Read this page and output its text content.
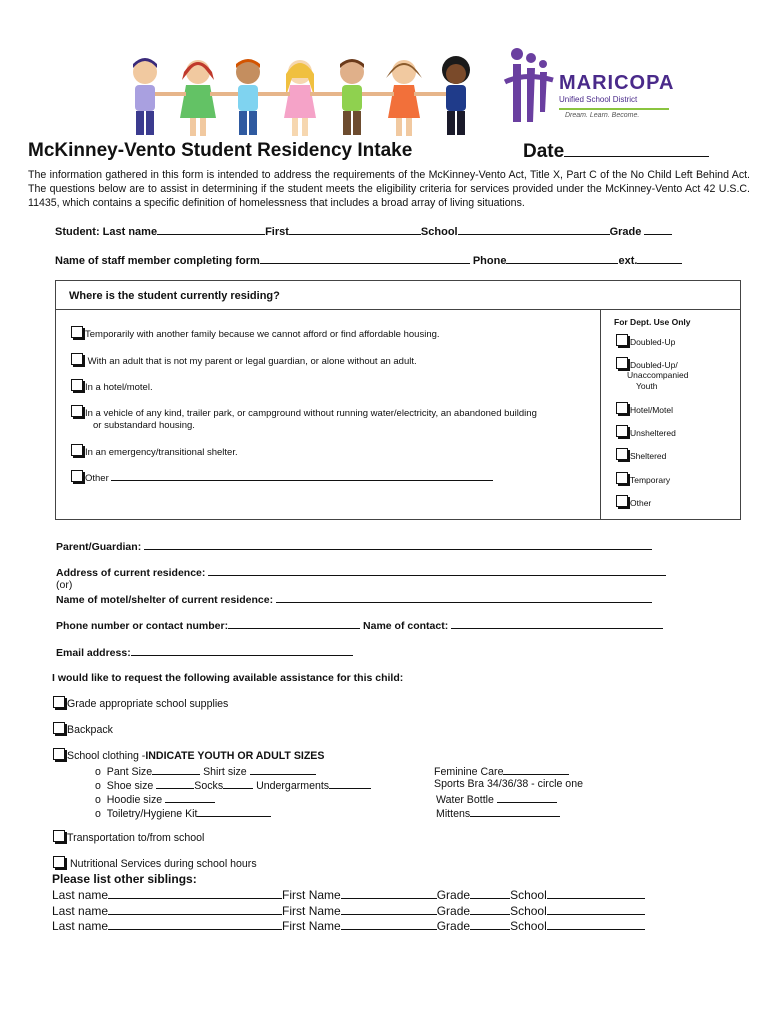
MARICOPA
Unified School District
Dream. Learn. Become.
McKinney-Vento Student Residency Intake	Date
The information gathered in this form is intended to address the requirements of the McKinney-Vento Act, Title X, Part C of the No Child Left Behind Act. The questions below are to assist in determining if the student meets the eligibility criteria for services provided under the McKinney-Vento Act 42 U.S.C. 11435, which contains a specific definition of homelessness that includes a broad array of living situations.
Student: Last name	First	School	Grade
Name of staff member completing form	Phone	ext.
Where is the student currently residing?
Temporarily with another family because we cannot afford or find affordable housing.
With an adult that is not my parent or legal guardian, or alone without an adult.
In a hotel/motel.
In a vehicle of any kind, trailer park, or campground without running water/electricity, an abandoned building
or substandard housing.
In an emergency/transitional shelter.
Other
For Dept. Use Only
Doubled-Up
Doubled-Up/
Unaccompanied
Youth
Hotel/Motel
Unsheltered
Sheltered
Temporary
Other
Parent/Guardian:
Address of current residence:
(or)
Name of motel/shelter of current residence:
Phone number or contact number:	Name of contact:
Email address:
I would like to request the following available assistance for this child:
Grade appropriate school supplies
Backpack
School clothing -INDICATE YOUTH OR ADULT SIZES
o  Pant Size	Shirt size
o  Shoe size	Socks	Undergarments
o  Hoodie size
o  Toiletry/Hygiene Kit
Feminine Care
Sports Bra 34/36/38 - circle one
Water Bottle
Mittens
Transportation to/from school
Nutritional Services during school hours
Please list other siblings:
Last name	First Name	Grade	School
Last name	First Name	Grade	School
Last name	First Name	Grade	School
